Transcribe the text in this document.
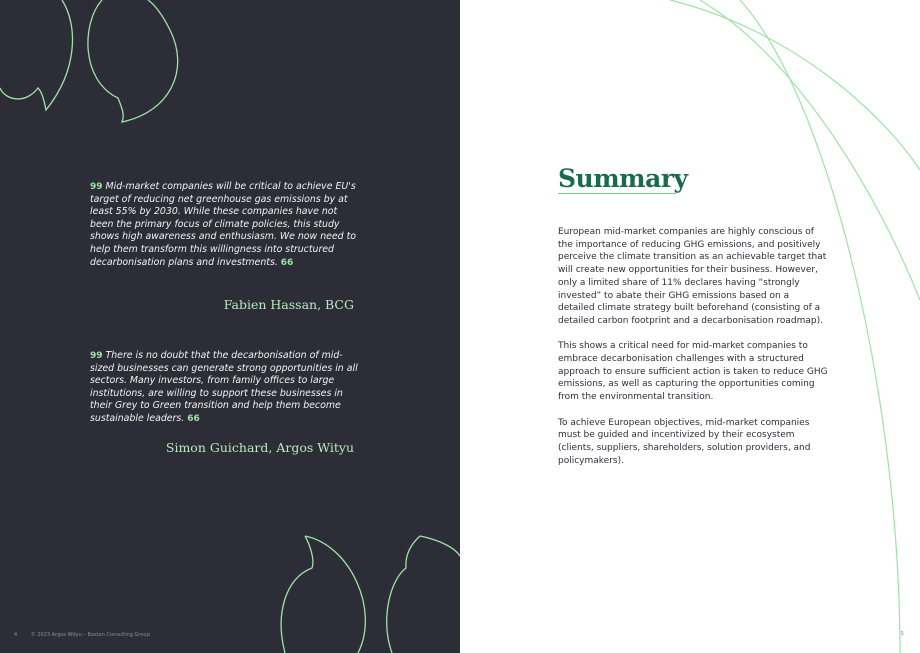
99 Mid-market companies will be critical to achieve EU's target of reducing net greenhouse gas emissions by at least 55% by 2030. While these companies have not been the primary focus of climate policies, this study shows high awareness and enthusiasm. We now need to help them transform this willingness into structured decarbonisation plans and investments. 66
Fabien Hassan, BCG
99 There is no doubt that the decarbonisation of mid-sized businesses can generate strong opportunities in all sectors. Many investors, from family offices to large institutions, are willing to support these businesses in their Grey to Green transition and help them become sustainable leaders. 66
Simon Guichard, Argos Wityu
4	© 2023 Argos Wityu – Boston Consulting Group
Summary

European mid-market companies are highly conscious of the importance of reducing GHG emissions, and positively perceive the climate transition as an achievable target that will create new opportunities for their business. However, only a limited share of 11% declares having “strongly invested” to abate their GHG emissions based on a detailed climate strategy built beforehand (consisting of a detailed carbon footprint and a decarbonisation roadmap).

This shows a critical need for mid-market companies to embrace decarbonisation challenges with a structured approach to ensure sufficient action is taken to reduce GHG emissions, as well as capturing the opportunities coming from the environmental transition.

To achieve European objectives, mid-market companies must be guided and incentivized by their ecosystem (clients, suppliers, shareholders, solution providers, and policymakers).

5
